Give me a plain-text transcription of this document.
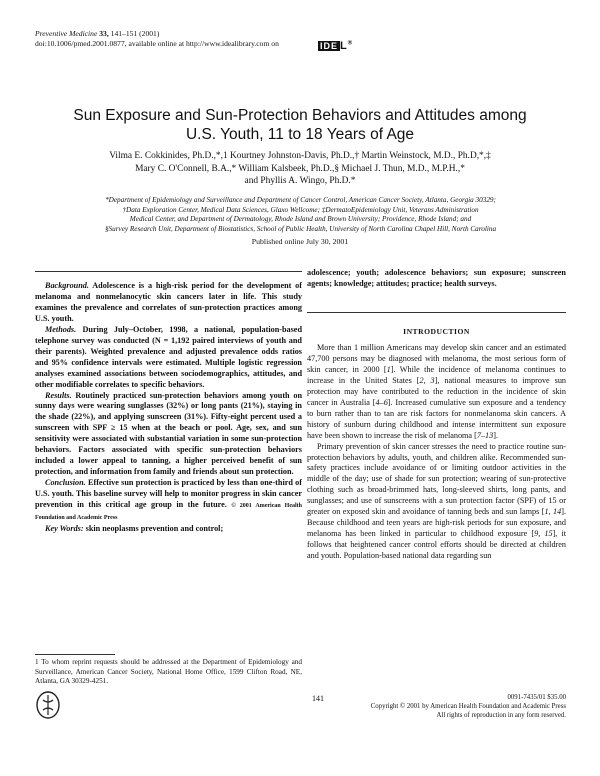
Preventive Medicine 33, 141–151 (2001)
doi:10.1006/pmed.2001.0877, available online at http://www.idealibrary.com on	IDE L®
Sun Exposure and Sun-Protection Behaviors and Attitudes among
U.S. Youth, 11 to 18 Years of Age
Vilma E. Cokkinides, Ph.D.,*,1 Kourtney Johnston-Davis, Ph.D.,† Martin Weinstock, M.D., Ph.D,*,‡
Mary C. O'Connell, B.A.,* William Kalsbeek, Ph.D.,§ Michael J. Thun, M.D., M.P.H.,*
and Phyllis A. Wingo, Ph.D.*
*Department of Epidemiology and Surveillance and Department of Cancer Control, American Cancer Society, Atlanta, Georgia 30329;
†Data Exploration Center, Medical Data Sciences, Glaxo Wellcome; ‡DermatoEpidemiology Unit, Veterans Administration
Medical Center, and Department of Dermatology, Rhode Island and Brown University; Providence, Rhode Island; and
§Survey Research Unit, Department of Biostatistics, School of Public Health, University of North Carolina Chapel Hill, North Carolina
Published online July 30, 2001

Background. Adolescence is a high-risk period for the development of melanoma and nonmelanocytic skin cancers later in life. This study examines the prevalence and correlates of sun-protection practices among U.S. youth.

Methods. During July–October, 1998, a national, population-based telephone survey was conducted (N = 1,192 paired interviews of youth and their parents). Weighted prevalence and adjusted prevalence odds ratios and 95% confidence intervals were estimated. Multiple logistic regression analyses examined associations between sociodemographics, attitudes, and other modifiable correlates to specific behaviors.

Results. Routinely practiced sun-protection behaviors among youth on sunny days were wearing sunglasses (32%) or long pants (21%), staying in the shade (22%), and applying sunscreen (31%). Fifty-eight percent used a sunscreen with SPF ≥ 15 when at the beach or pool. Age, sex, and sun sensitivity were associated with substantial variation in some sun-protection behaviors. Factors associated with specific sun-protection behaviors included a lower appeal to tanning, a higher perceived benefit of sun protection, and information from family and friends about sun protection.

Conclusion. Effective sun protection is practiced by less than one-third of U.S. youth. This baseline survey will help to monitor progress in skin cancer prevention in this critical age group in the future. © 2001 American Health Foundation and Academic Press

Key Words: skin neoplasms prevention and control;

adolescence; youth; adolescence behaviors; sun exposure; sunscreen agents; knowledge; attitudes; practice; health surveys.
INTRODUCTION

More than 1 million Americans may develop skin cancer and an estimated 47,700 persons may be diagnosed with melanoma, the most serious form of skin cancer, in 2000 [1]. While the incidence of melanoma continues to increase in the United States [2, 3], national measures to improve sun protection may have contributed to the reduction in the incidence of skin cancer in Australia [4–6]. Increased cumulative sun exposure and a tendency to burn rather than to tan are risk factors for nonmelanoma skin cancers. A history of sunburn during childhood and intense intermittent sun exposure have been shown to increase the risk of melanoma [7–13].

Primary prevention of skin cancer stresses the need to practice routine sun-protection behaviors by adults, youth, and children alike. Recommended sun-safety practices include avoidance of or limiting outdoor activities in the middle of the day; use of shade for sun protection; wearing of sun-protective clothing such as broad-brimmed hats, long-sleeved shirts, long pants, and sunglasses; and use of sunscreens with a sun protection factor (SPF) of 15 or greater on exposed skin and avoidance of tanning beds and sun lamps [1, 14]. Because childhood and teen years are high-risk periods for sun exposure, and melanoma has been linked in particular to childhood exposure [9, 15], it follows that heightened cancer control efforts should be directed at children and youth. Population-based national data regarding sun

1 To whom reprint requests should be addressed at the Department of Epidemiology and Surveillance, American Cancer Society, National Home Office, 1599 Clifton Road, NE, Atlanta, GA 30329-4251.
141	0091-7435/01 $35.00
Copyright © 2001 by American Health Foundation and Academic Press
All rights of reproduction in any form reserved.
